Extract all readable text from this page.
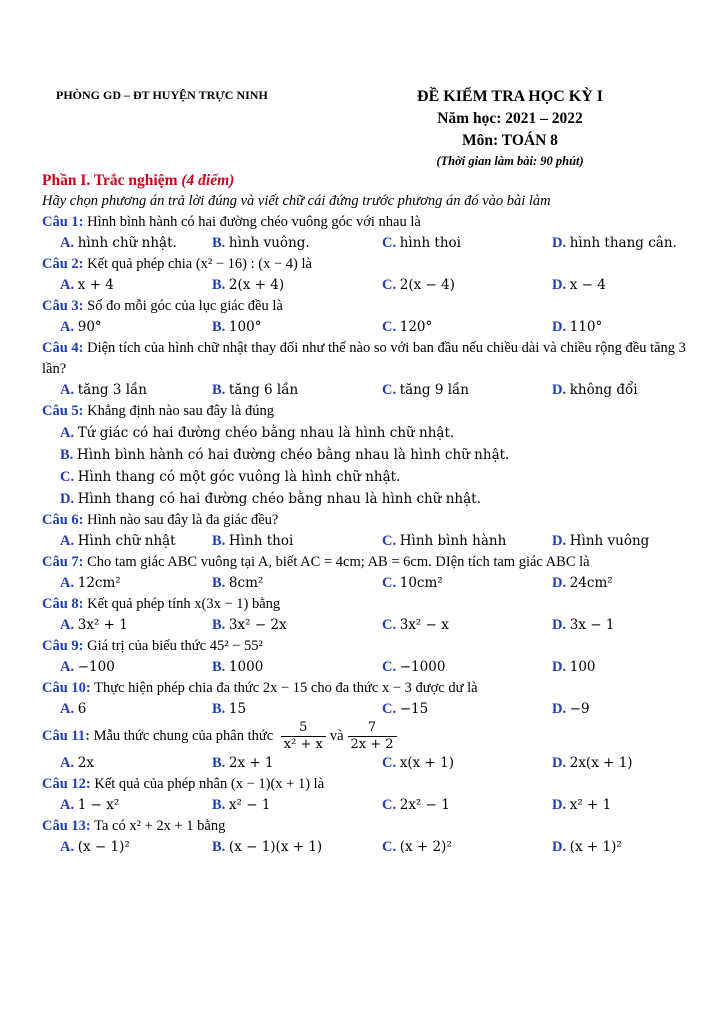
PHÒNG GD – ĐT HUYỆN TRỰC NINH	ĐỀ KIỂM TRA HỌC KỲ I
Năm học: 2021 – 2022
Môn: TOÁN 8
(Thời gian làm bài: 90 phút)
Phần I. Trắc nghiệm (4 điểm)
Hãy chọn phương án trả lời đúng và viết chữ cái đứng trước phương án đó vào bài làm
Câu 1: Hình bình hành có hai đường chéo vuông góc với nhau là
A. hình chữ nhật.	B. hình vuông.	C. hình thoi	D. hình thang cân.
Câu 2: Kết quả phép chia (x² − 16) : (x − 4) là
A. x + 4	B. 2(x + 4)	C. 2(x − 4)	D. x − 4
Câu 3: Số đo mỗi góc của lục giác đều là
A. 90°	B. 100°	C. 120°	D. 110°
Câu 4: Diện tích của hình chữ nhật thay đổi như thế nào so với ban đầu nếu chiều dài và chiều rộng đều tăng 3 lần?
A. tăng 3 lần	B. tăng 6 lần	C. tăng 9 lần	D. không đổi
Câu 5: Khẳng định nào sau đây là đúng
A. Tứ giác có hai đường chéo bằng nhau là hình chữ nhật.
B. Hình bình hành có hai đường chéo bằng nhau là hình chữ nhật.
C. Hình thang có một góc vuông là hình chữ nhật.
D. Hình thang có hai đường chéo bằng nhau là hình chữ nhật.
Câu 6: Hình nào sau đây là đa giác đều?
A. Hình chữ nhật	B. Hình thoi	C. Hình bình hành	D. Hình vuông
Câu 7: Cho tam giác ABC vuông tại A, biết AC = 4cm; AB = 6cm. DIện tích tam giác ABC là
A. 12cm²	B. 8cm²	C. 10cm²	D. 24cm²
Câu 8: Kết quả phép tính x(3x − 1) bằng
A. 3x² + 1	B. 3x² − 2x	C. 3x² − x	D. 3x − 1
Câu 9: Giá trị của biểu thức 45² − 55²
A. −100	B. 1000	C. −1000	D. 100
Câu 10: Thực hiện phép chia đa thức 2x − 15 cho đa thức x − 3 được dư là
A. 6	B. 15	C. −15	D. −9
Câu 11: Mẫu thức chung của phân thức $\frac{5}{\text{x² + x}}$ và $\frac{7}{2x + 2}$
A. 2x	B. 2x + 1	C. x(x + 1)	D. 2x(x + 1)
Câu 12: Kết quả của phép nhân (x − 1)(x + 1) là
A. 1 − x²	B. x² − 1	C. 2x² − 1	D. x² + 1
Câu 13: Ta có x² + 2x + 1 bằng
A. (x − 1)²	B. (x − 1)(x + 1)	C. (x + 2)²	D. (x + 1)²
